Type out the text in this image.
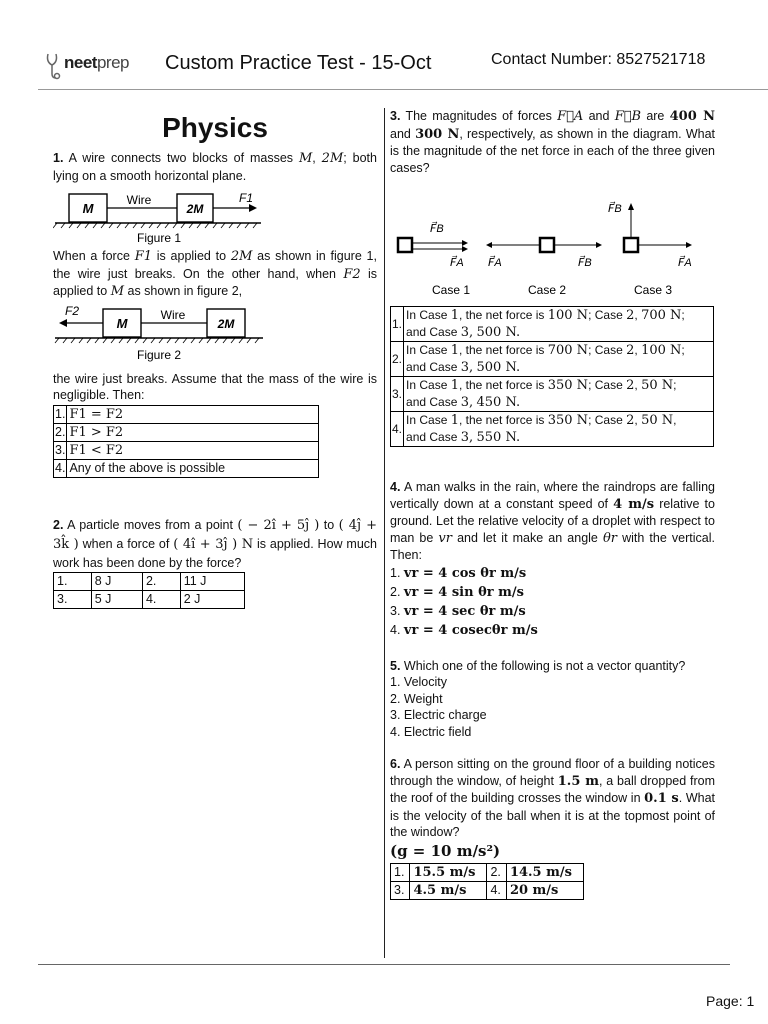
neetprep Custom Practice Test - 15-Oct	Contact Number: 8527521718
Physics

1. A wire connects two blocks of masses M, 2M; both lying on a smooth horizontal plane.

M
Wire
2M
F1
Figure 1

When a force F1 is applied to 2M as shown in figure 1, the wire just breaks. On the other hand, when F2 is applied to M as shown in figure 2,

F2
M
Wire
2M
Figure 2

the wire just breaks. Assume that the mass of the wire is negligible. Then:

1.	F1 = F2
2.	F1 > F2
3.	F1 < F2
4.	Any of the above is possible

2. A particle moves from a point ( − 2î + 5ĵ ) to ( 4ĵ + 3k̂ ) when a force of ( 4î + 3ĵ ) N is applied. How much work has been done by the force?

1.	8 J	2.	11 J
3.	5 J	4.	2 J

3. The magnitudes of forces F⃗A and F⃗B are 400 N and 300 N, respectively, as shown in the diagram. What is the magnitude of the net force in each of the three given cases?

F⃗B
F⃗A
Case 1
F⃗A	F⃗B
Case 2
F⃗B
F⃗A
Case 3
1.	In Case 1, the net force is 100 N; Case 2, 700 N;
and Case 3, 500 N.
2.	In Case 1, the net force is 700 N; Case 2, 100 N;
and Case 3, 500 N.
3.	In Case 1, the net force is 350 N; Case 2, 50 N;
and Case 3, 450 N.
4.	In Case 1, the net force is 350 N; Case 2, 50 N,
and Case 3, 550 N.

4. A man walks in the rain, where the raindrops are falling vertically down at a constant speed of 4 m/s relative to ground. Let the relative velocity of a droplet with respect to man be vr and let it make an angle θr with the vertical. Then:

1. vr = 4 cos θr m/s
2. vr = 4 sin θr m/s
3. vr = 4 sec θr m/s
4. vr = 4 cosecθr m/s

5. Which one of the following is not a vector quantity?

1. Velocity
2. Weight
3. Electric charge
4. Electric field

6. A person sitting on the ground floor of a building notices through the window, of height 1.5 m, a ball dropped from the roof of the building crosses the window in 0.1 s. What is the velocity of the ball when it is at the topmost point of the window?

(g = 10 m/s²)
1.	15.5 m/s	2.	14.5 m/s
3.	4.5 m/s	4.	20 m/s
Page: 1
